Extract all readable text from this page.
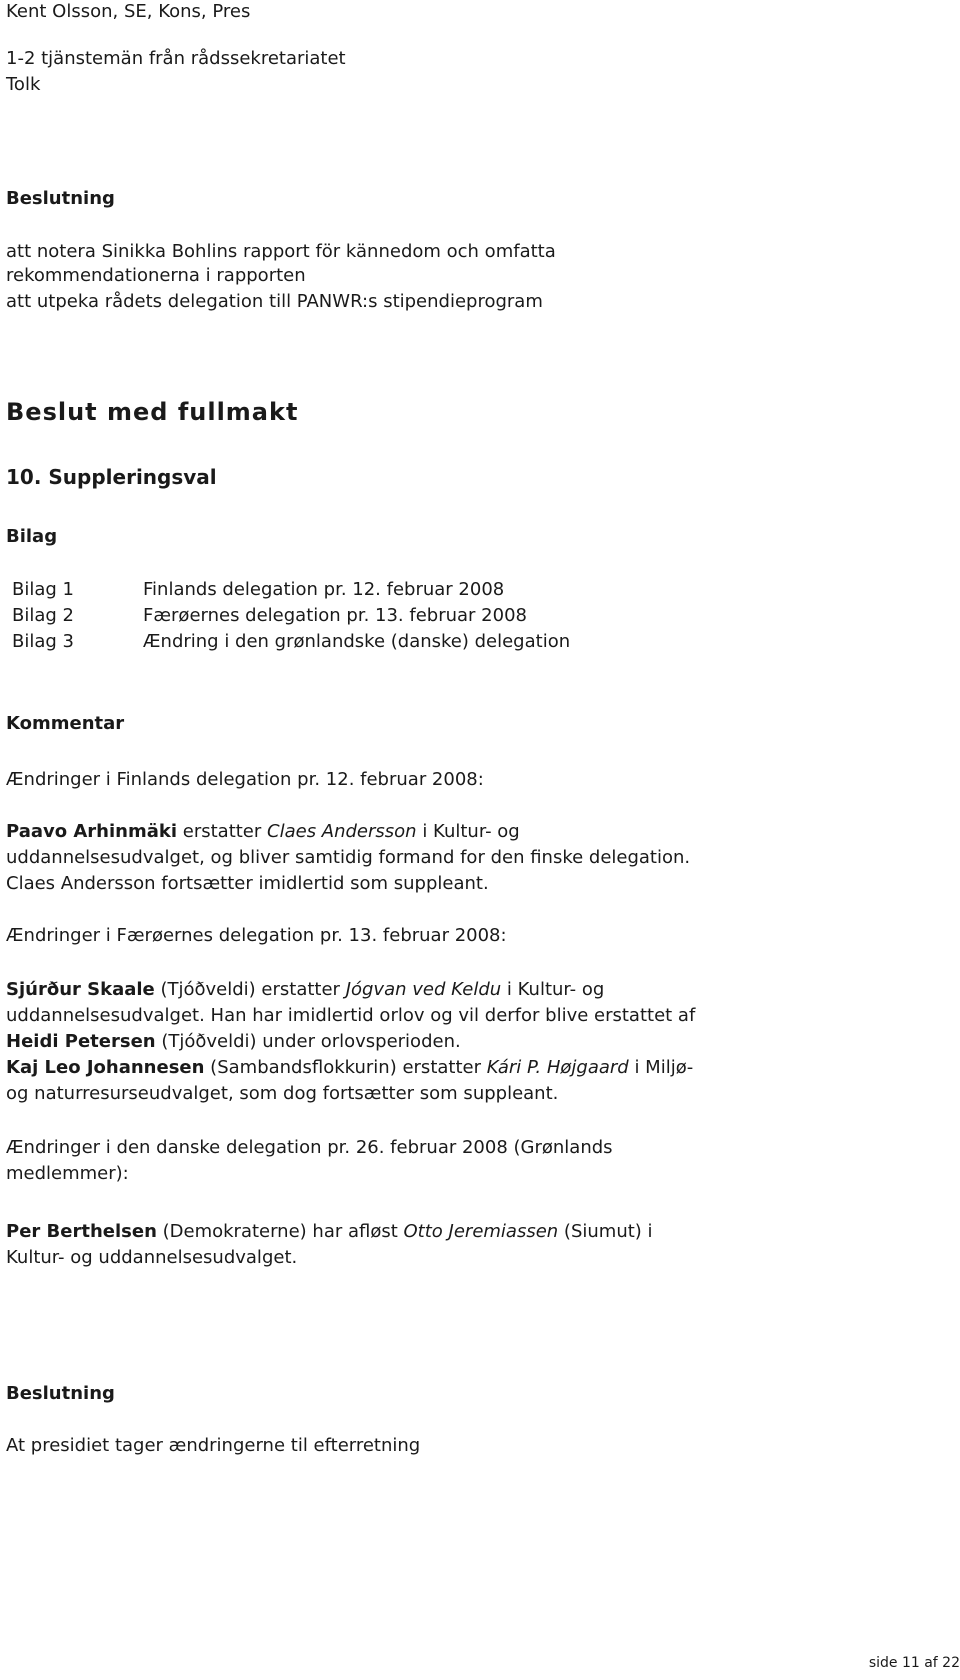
Kent Olsson, SE, Kons, Pres
1-2 tjänstemän från rådssekretariatet
Tolk
Beslutning
att notera Sinikka Bohlins rapport för kännedom och omfatta
rekommendationerna i rapporten
att utpeka rådets delegation till PANWR:s stipendieprogram
Beslut med fullmakt
10. Suppleringsval
Bilag
Bilag 1	Finlands delegation pr. 12. februar 2008
Bilag 2	Færøernes delegation pr. 13. februar 2008
Bilag 3	Ændring i den grønlandske (danske) delegation
Kommentar
Ændringer i Finlands delegation pr. 12. februar 2008:
Paavo Arhinmäki erstatter Claes Andersson i Kultur- og
uddannelsesudvalget, og bliver samtidig formand for den finske delegation.
Claes Andersson fortsætter imidlertid som suppleant.
Ændringer i Færøernes delegation pr. 13. februar 2008:
Sjúrður Skaale (Tjóðveldi) erstatter Jógvan ved Keldu i Kultur- og
uddannelsesudvalget. Han har imidlertid orlov og vil derfor blive erstattet af
Heidi Petersen (Tjóðveldi) under orlovsperioden.
Kaj Leo Johannesen (Sambandsflokkurin) erstatter Kári P. Højgaard i Miljø-
og naturresurseudvalget, som dog fortsætter som suppleant.
Ændringer i den danske delegation pr. 26. februar 2008 (Grønlands
medlemmer):
Per Berthelsen (Demokraterne) har afløst Otto Jeremiassen (Siumut) i
Kultur- og uddannelsesudvalget.
Beslutning
At presidiet tager ændringerne til efterretning
side 11 af 22
